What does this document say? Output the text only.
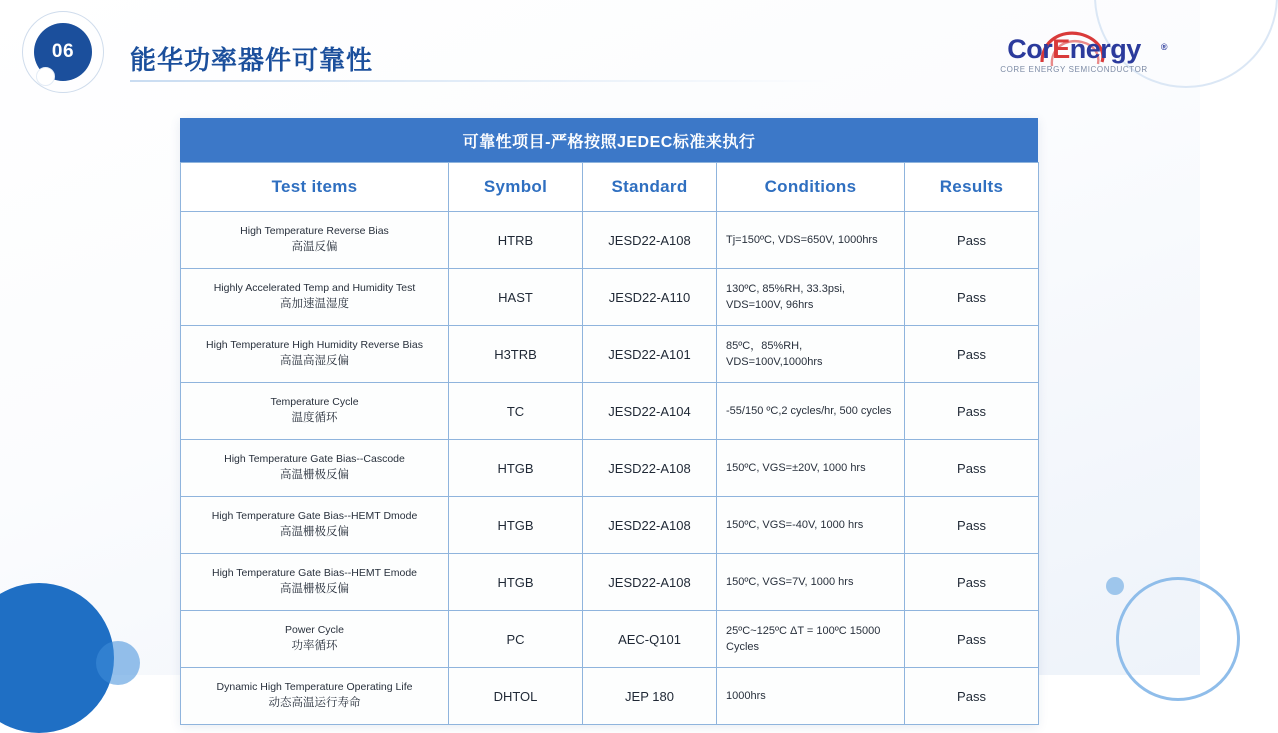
06	能华功率器件可靠性	CorEnergy ®
CORE ENERGY SEMICONDUCTOR
可靠性项目-严格按照JEDEC标准来执行
Test items	Symbol	Standard	Conditions	Results

High Temperature Reverse Bias
高温反偏	HTRB	JESD22-A108	Tj=150ºC, VDS=650V, 1000hrs	Pass

Highly Accelerated Temp and Humidity Test
高加速温湿度	HAST	JESD22-A110	130ºC, 85%RH, 33.3psi, VDS=100V, 96hrs	Pass

High Temperature High Humidity Reverse Bias
高温高湿反偏	H3TRB	JESD22-A101	85ºC，85%RH, VDS=100V,1000hrs	Pass

Temperature Cycle
温度循环	TC	JESD22-A104	-55/150 ºC,2 cycles/hr, 500 cycles	Pass

High Temperature Gate Bias--Cascode
高温栅极反偏	HTGB	JESD22-A108	150ºC, VGS=±20V, 1000 hrs	Pass

High Temperature Gate Bias--HEMT Dmode
高温栅极反偏	HTGB	JESD22-A108	150ºC, VGS=-40V, 1000 hrs	Pass

High Temperature Gate Bias--HEMT Emode
高温栅极反偏	HTGB	JESD22-A108	150ºC, VGS=7V, 1000 hrs	Pass

Power Cycle
功率循环	PC	AEC-Q101	25ºC~125ºC ΔT = 100ºC 15000 Cycles	Pass

Dynamic High Temperature Operating Life
动态高温运行寿命	DHTOL	JEP 180	1000hrs	Pass
